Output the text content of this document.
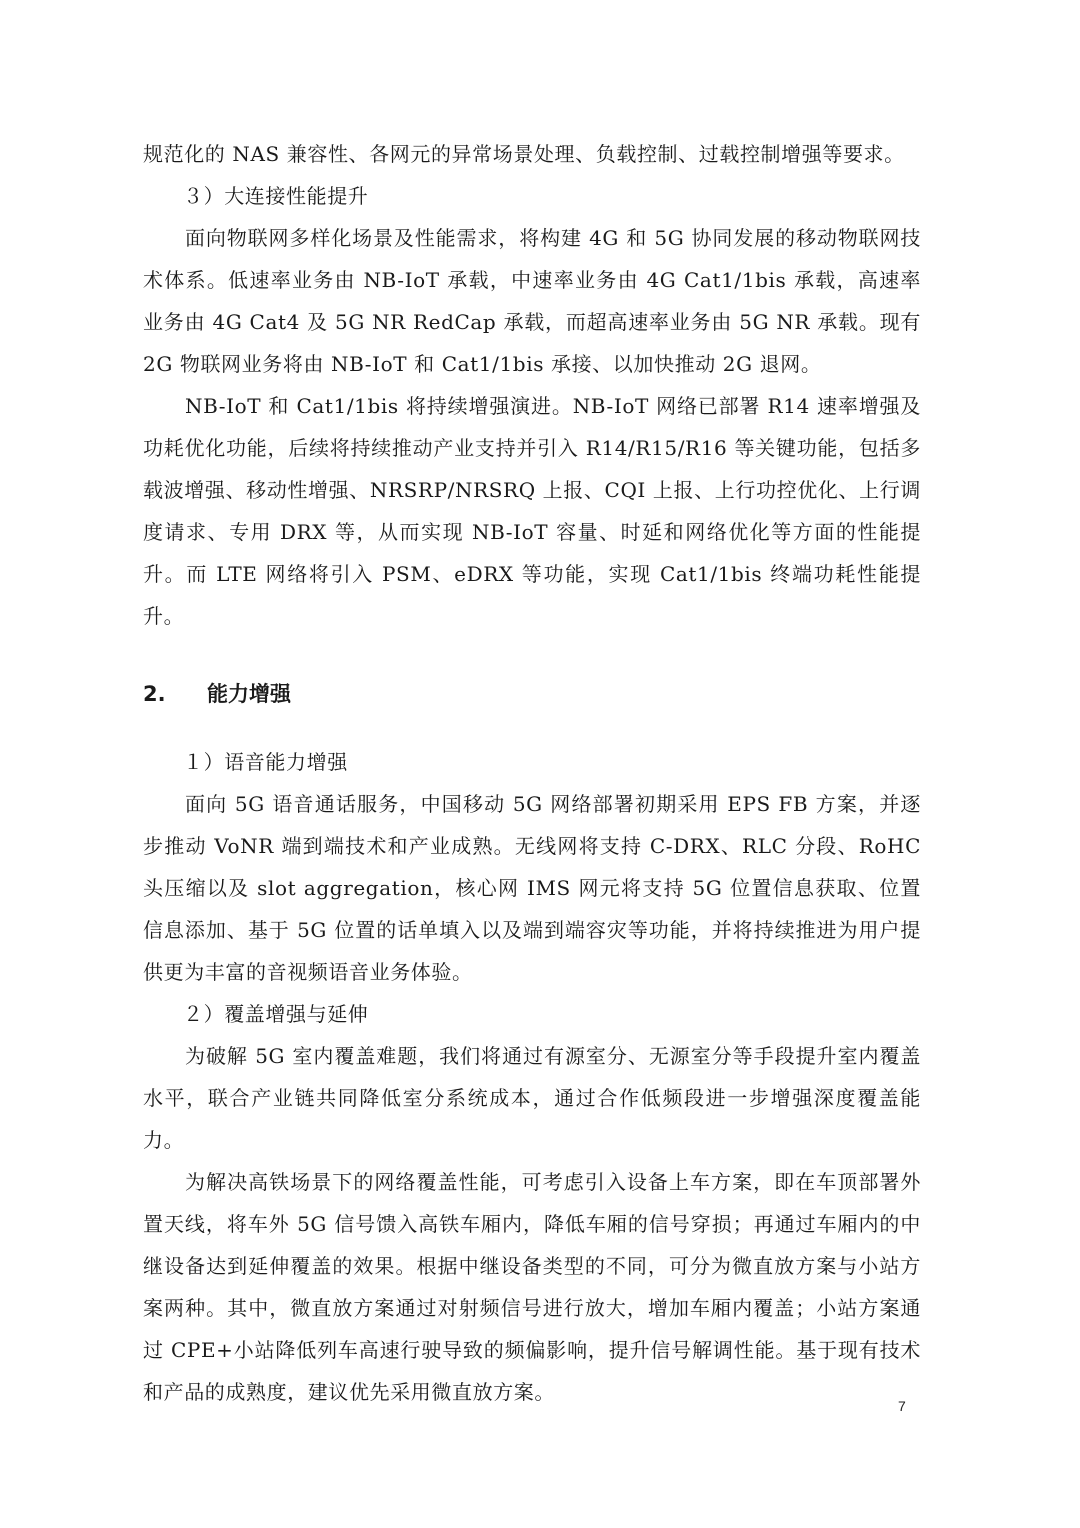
规范化的 NAS 兼容性、各网元的异常场景处理、负载控制、过载控制增强等要求。

３）大连接性能提升

面向物联网多样化场景及性能需求，将构建 4G 和 5G 协同发展的移动物联网技术体系。低速率业务由 NB-IoT 承载，中速率业务由 4G Cat1/1bis 承载，高速率业务由 4G Cat4 及 5G NR RedCap 承载，而超高速率业务由 5G NR 承载。现有 2G 物联网业务将由 NB-IoT 和 Cat1/1bis 承接、以加快推动 2G 退网。

NB-IoT 和 Cat1/1bis 将持续增强演进。NB-IoT 网络已部署 R14 速率增强及功耗优化功能，后续将持续推动产业支持并引入 R14/R15/R16 等关键功能，包括多载波增强、移动性增强、NRSRP/NRSRQ 上报、CQI 上报、上行功控优化、上行调度请求、专用 DRX 等，从而实现 NB-IoT 容量、时延和网络优化等方面的性能提升。而 LTE 网络将引入 PSM、eDRX 等功能，实现 Cat1/1bis 终端功耗性能提升。

2.	能力增强

１）语音能力增强

面向 5G 语音通话服务，中国移动 5G 网络部署初期采用 EPS FB 方案，并逐步推动 VoNR 端到端技术和产业成熟。无线网将支持 C-DRX、RLC 分段、RoHC 头压缩以及 slot aggregation，核心网 IMS 网元将支持 5G 位置信息获取、位置信息添加、基于 5G 位置的话单填入以及端到端容灾等功能，并将持续推进为用户提供更为丰富的音视频语音业务体验。

２）覆盖增强与延伸

为破解 5G 室内覆盖难题，我们将通过有源室分、无源室分等手段提升室内覆盖水平，联合产业链共同降低室分系统成本，通过合作低频段进一步增强深度覆盖能力。

为解决高铁场景下的网络覆盖性能，可考虑引入设备上车方案，即在车顶部署外置天线，将车外 5G 信号馈入高铁车厢内，降低车厢的信号穿损；再通过车厢内的中继设备达到延伸覆盖的效果。根据中继设备类型的不同，可分为微直放方案与小站方案两种。其中，微直放方案通过对射频信号进行放大，增加车厢内覆盖；小站方案通过 CPE+小站降低列车高速行驶导致的频偏影响，提升信号解调性能。基于现有技术和产品的成熟度，建议优先采用微直放方案。

7
